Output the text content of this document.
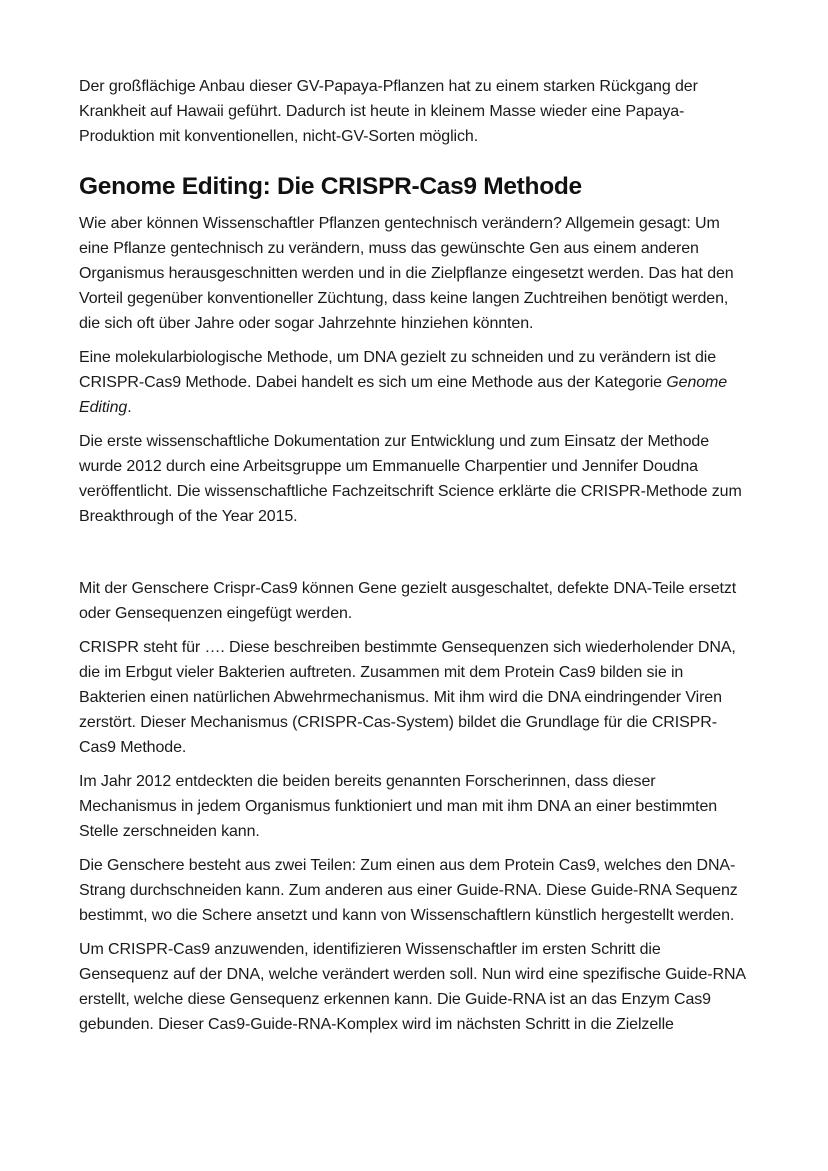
Der großflächige Anbau dieser GV-Papaya-Pflanzen hat zu einem starken Rückgang der Krankheit auf Hawaii geführt. Dadurch ist heute in kleinem Masse wieder eine Papaya-Produktion mit konventionellen, nicht-GV-Sorten möglich.

Genome Editing: Die CRISPR-Cas9 Methode

Wie aber können Wissenschaftler Pflanzen gentechnisch verändern? Allgemein gesagt: Um eine Pflanze gentechnisch zu verändern, muss das gewünschte Gen aus einem anderen Organismus herausgeschnitten werden und in die Zielpflanze eingesetzt werden. Das hat den Vorteil gegenüber konventioneller Züchtung, dass keine langen Zuchtreihen benötigt werden, die sich oft über Jahre oder sogar Jahrzehnte hinziehen könnten.

Eine molekularbiologische Methode, um DNA gezielt zu schneiden und zu verändern ist die CRISPR-Cas9 Methode. Dabei handelt es sich um eine Methode aus der Kategorie Genome Editing.

Die erste wissenschaftliche Dokumentation zur Entwicklung und zum Einsatz der Methode wurde 2012 durch eine Arbeitsgruppe um Emmanuelle Charpentier und Jennifer Doudna veröffentlicht. Die wissenschaftliche Fachzeitschrift Science erklärte die CRISPR-Methode zum Breakthrough of the Year 2015.

Mit der Genschere Crispr-Cas9 können Gene gezielt ausgeschaltet, defekte DNA-Teile ersetzt oder Gensequenzen eingefügt werden.

CRISPR steht für …. Diese beschreiben bestimmte Gensequenzen sich wiederholender DNA, die im Erbgut vieler Bakterien auftreten. Zusammen mit dem Protein Cas9 bilden sie in Bakterien einen natürlichen Abwehrmechanismus. Mit ihm wird die DNA eindringender Viren zerstört. Dieser Mechanismus (CRISPR-Cas-System) bildet die Grundlage für die CRISPR-Cas9 Methode.

Im Jahr 2012 entdeckten die beiden bereits genannten Forscherinnen, dass dieser Mechanismus in jedem Organismus funktioniert und man mit ihm DNA an einer bestimmten Stelle zerschneiden kann.

Die Genschere besteht aus zwei Teilen: Zum einen aus dem Protein Cas9, welches den DNA-Strang durchschneiden kann. Zum anderen aus einer Guide-RNA. Diese Guide-RNA Sequenz bestimmt, wo die Schere ansetzt und kann von Wissenschaftlern künstlich hergestellt werden.

Um CRISPR-Cas9 anzuwenden, identifizieren Wissenschaftler im ersten Schritt die Gensequenz auf der DNA, welche verändert werden soll. Nun wird eine spezifische Guide-RNA erstellt, welche diese Gensequenz erkennen kann. Die Guide-RNA ist an das Enzym Cas9 gebunden. Dieser Cas9-Guide-RNA-Komplex wird im nächsten Schritt in die Zielzelle
